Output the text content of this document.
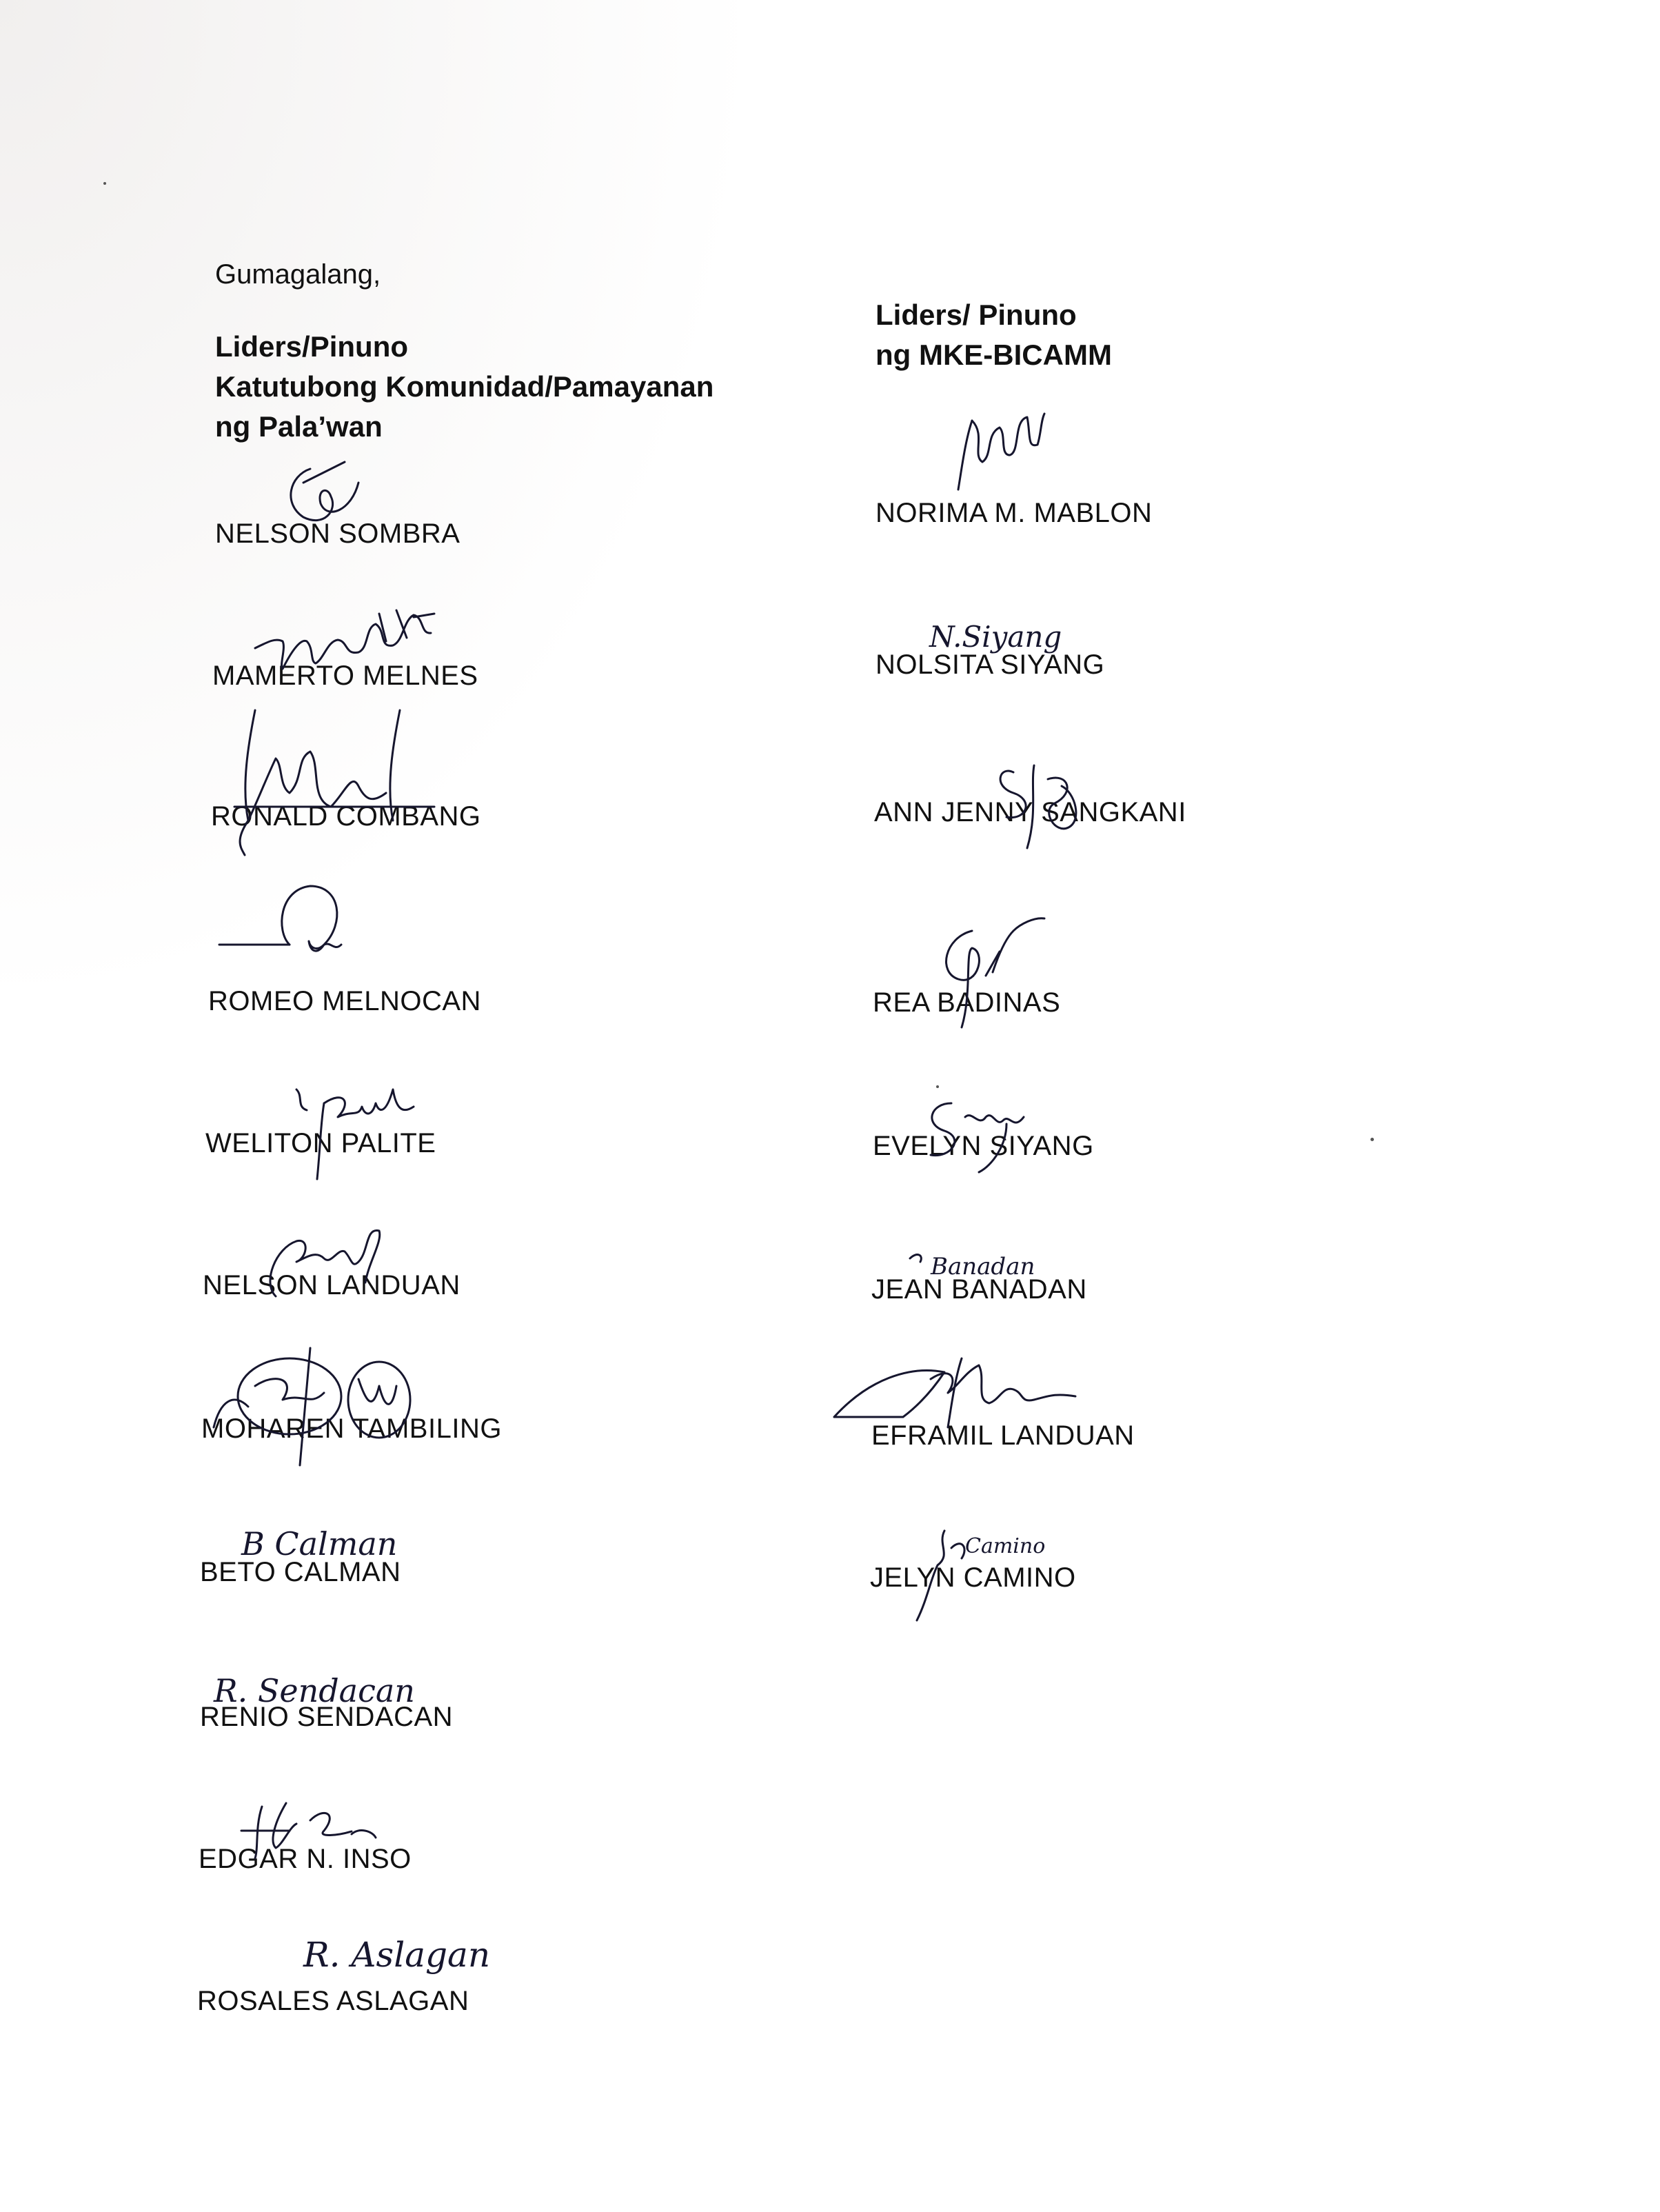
Gumagalang,
Liders/Pinuno
Katutubong Komunidad/Pamayanan
ng Pala’wan
Liders/ Pinuno
ng MKE-BICAMM
NELSON SOMBRA
MAMERTO MELNES
RONALD COMBANG
ROMEO MELNOCAN
WELITON PALITE
NELSON LANDUAN
MOHAREN TAMBILING
BETO CALMAN
RENIO SENDACAN
EDGAR N. INSO
ROSALES ASLAGAN
NORIMA M. MABLON
NOLSITA SIYANG
ANN JENNY SANGKANI
REA BADINAS
EVELYN SIYANG
JEAN BANADAN
EFRAMIL LANDUAN
JELYN CAMINO
B Calman
R. Sendacan
R. Aslagan
N.Siyang
Banadan
Camino
